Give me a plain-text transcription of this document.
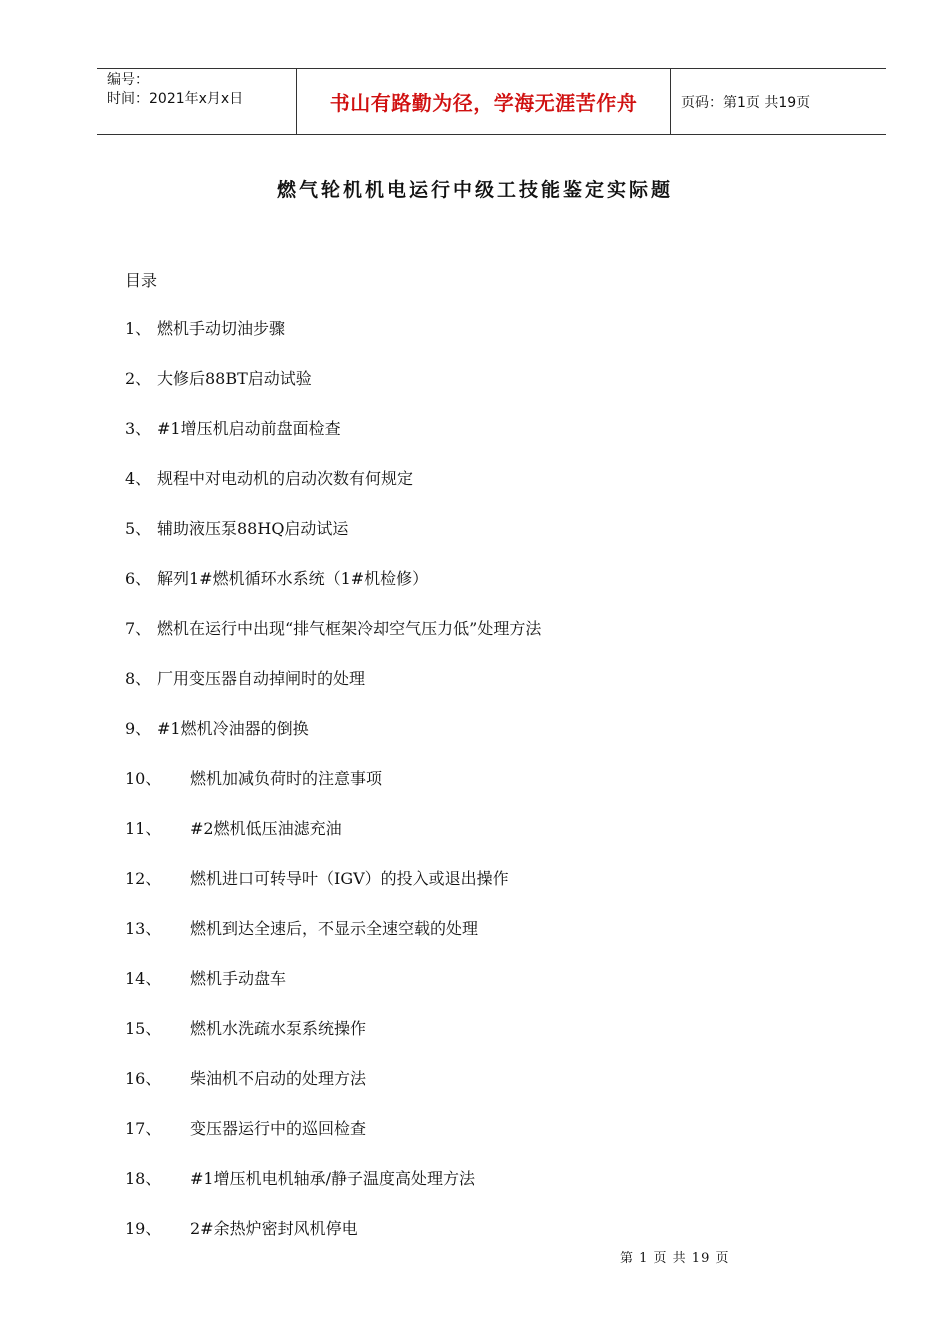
编号：
时间：2021年x月x日	书山有路勤为径，学海无涯苦作舟	页码：第1页 共19页
燃气轮机机电运行中级工技能鉴定实际题
目录
1、 燃机手动切油步骤
2、 大修后88BT启动试验
3、 #1增压机启动前盘面检查
4、 规程中对电动机的启动次数有何规定
5、 辅助液压泵88HQ启动试运
6、 解列1#燃机循环水系统（1#机检修）
7、 燃机在运行中出现“排气框架冷却空气压力低”处理方法
8、 厂用变压器自动掉闸时的处理
9、 #1燃机冷油器的倒换
10、	燃机加减负荷时的注意事项
11、	#2燃机低压油滤充油
12、	燃机进口可转导叶（IGV）的投入或退出操作
13、	燃机到达全速后，不显示全速空载的处理
14、	燃机手动盘车
15、	燃机水洗疏水泵系统操作
16、	柴油机不启动的处理方法
17、	变压器运行中的巡回检查
18、	#1增压机电机轴承/静子温度高处理方法
19、	2#余热炉密封风机停电
第 1 页 共 19 页
